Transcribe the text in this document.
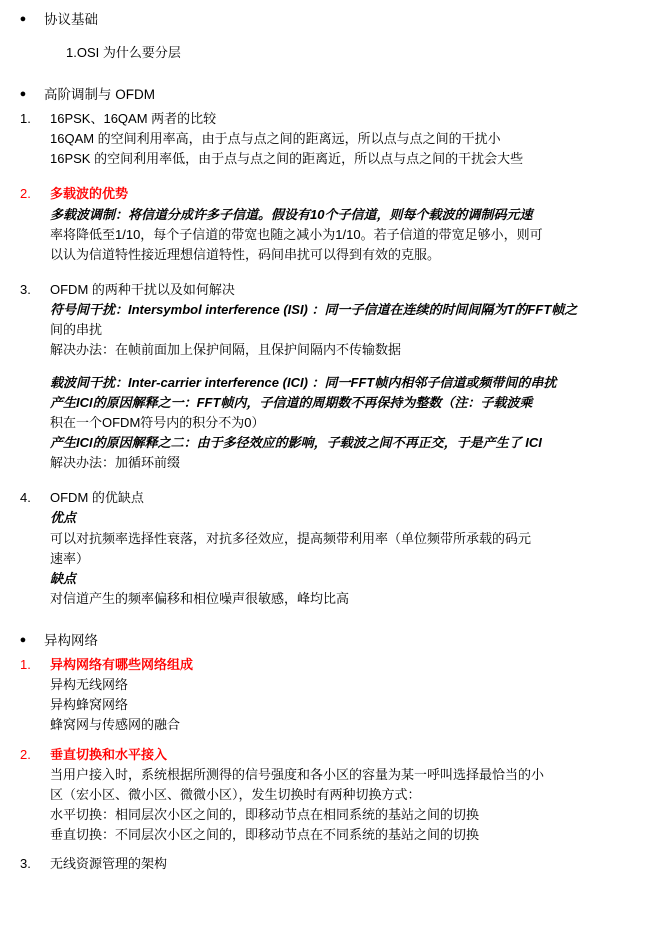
●	协议基础
1.OSI 为什么要分层
●	高阶调制与 OFDM
1.	16PSK、16QAM 两者的比较
16QAM 的空间利用率高，由于点与点之间的距离远，所以点与点之间的干扰小
16PSK 的空间利用率低，由于点与点之间的距离近，所以点与点之间的干扰会大些
2.	多载波的优势
多载波调制：将信道分成许多子信道。假设有10个子信道，则每个载波的调制码元速
率将降低至1/10，每个子信道的带宽也随之减小为1/10。若子信道的带宽足够小，则可
以认为信道特性接近理想信道特性，码间串扰可以得到有效的克服。
3.	OFDM 的两种干扰以及如何解决
符号间干扰：Intersymbol interference (ISI) ：同一子信道在连续的时间间隔为T的FFT帧之
间的串扰
解决办法：在帧前面加上保护间隔，且保护间隔内不传输数据
载波间干扰：Inter-carrier interference (ICI) ：同一FFT帧内相邻子信道或频带间的串扰
产生ICI的原因解释之一：FFT帧内，子信道的周期数不再保持为整数（注：子载波乘
积在一个OFDM符号内的积分不为0）
产生ICI的原因解释之二：由于多径效应的影响，子载波之间不再正交，于是产生了 ICI
解决办法：加循环前缀
4.	OFDM 的优缺点
优点
可以对抗频率选择性衰落，对抗多径效应，提高频带利用率（单位频带所承载的码元
速率）
缺点
对信道产生的频率偏移和相位噪声很敏感，峰均比高
●	异构网络
1.	异构网络有哪些网络组成
异构无线网络
异构蜂窝网络
蜂窝网与传感网的融合
2.	垂直切换和水平接入
当用户接入时，系统根据所测得的信号强度和各小区的容量为某一呼叫选择最恰当的小
区（宏小区、微小区、微微小区），发生切换时有两种切换方式：
水平切换：相同层次小区之间的，即移动节点在相同系统的基站之间的切换
垂直切换：不同层次小区之间的，即移动节点在不同系统的基站之间的切换
3.	无线资源管理的架构
